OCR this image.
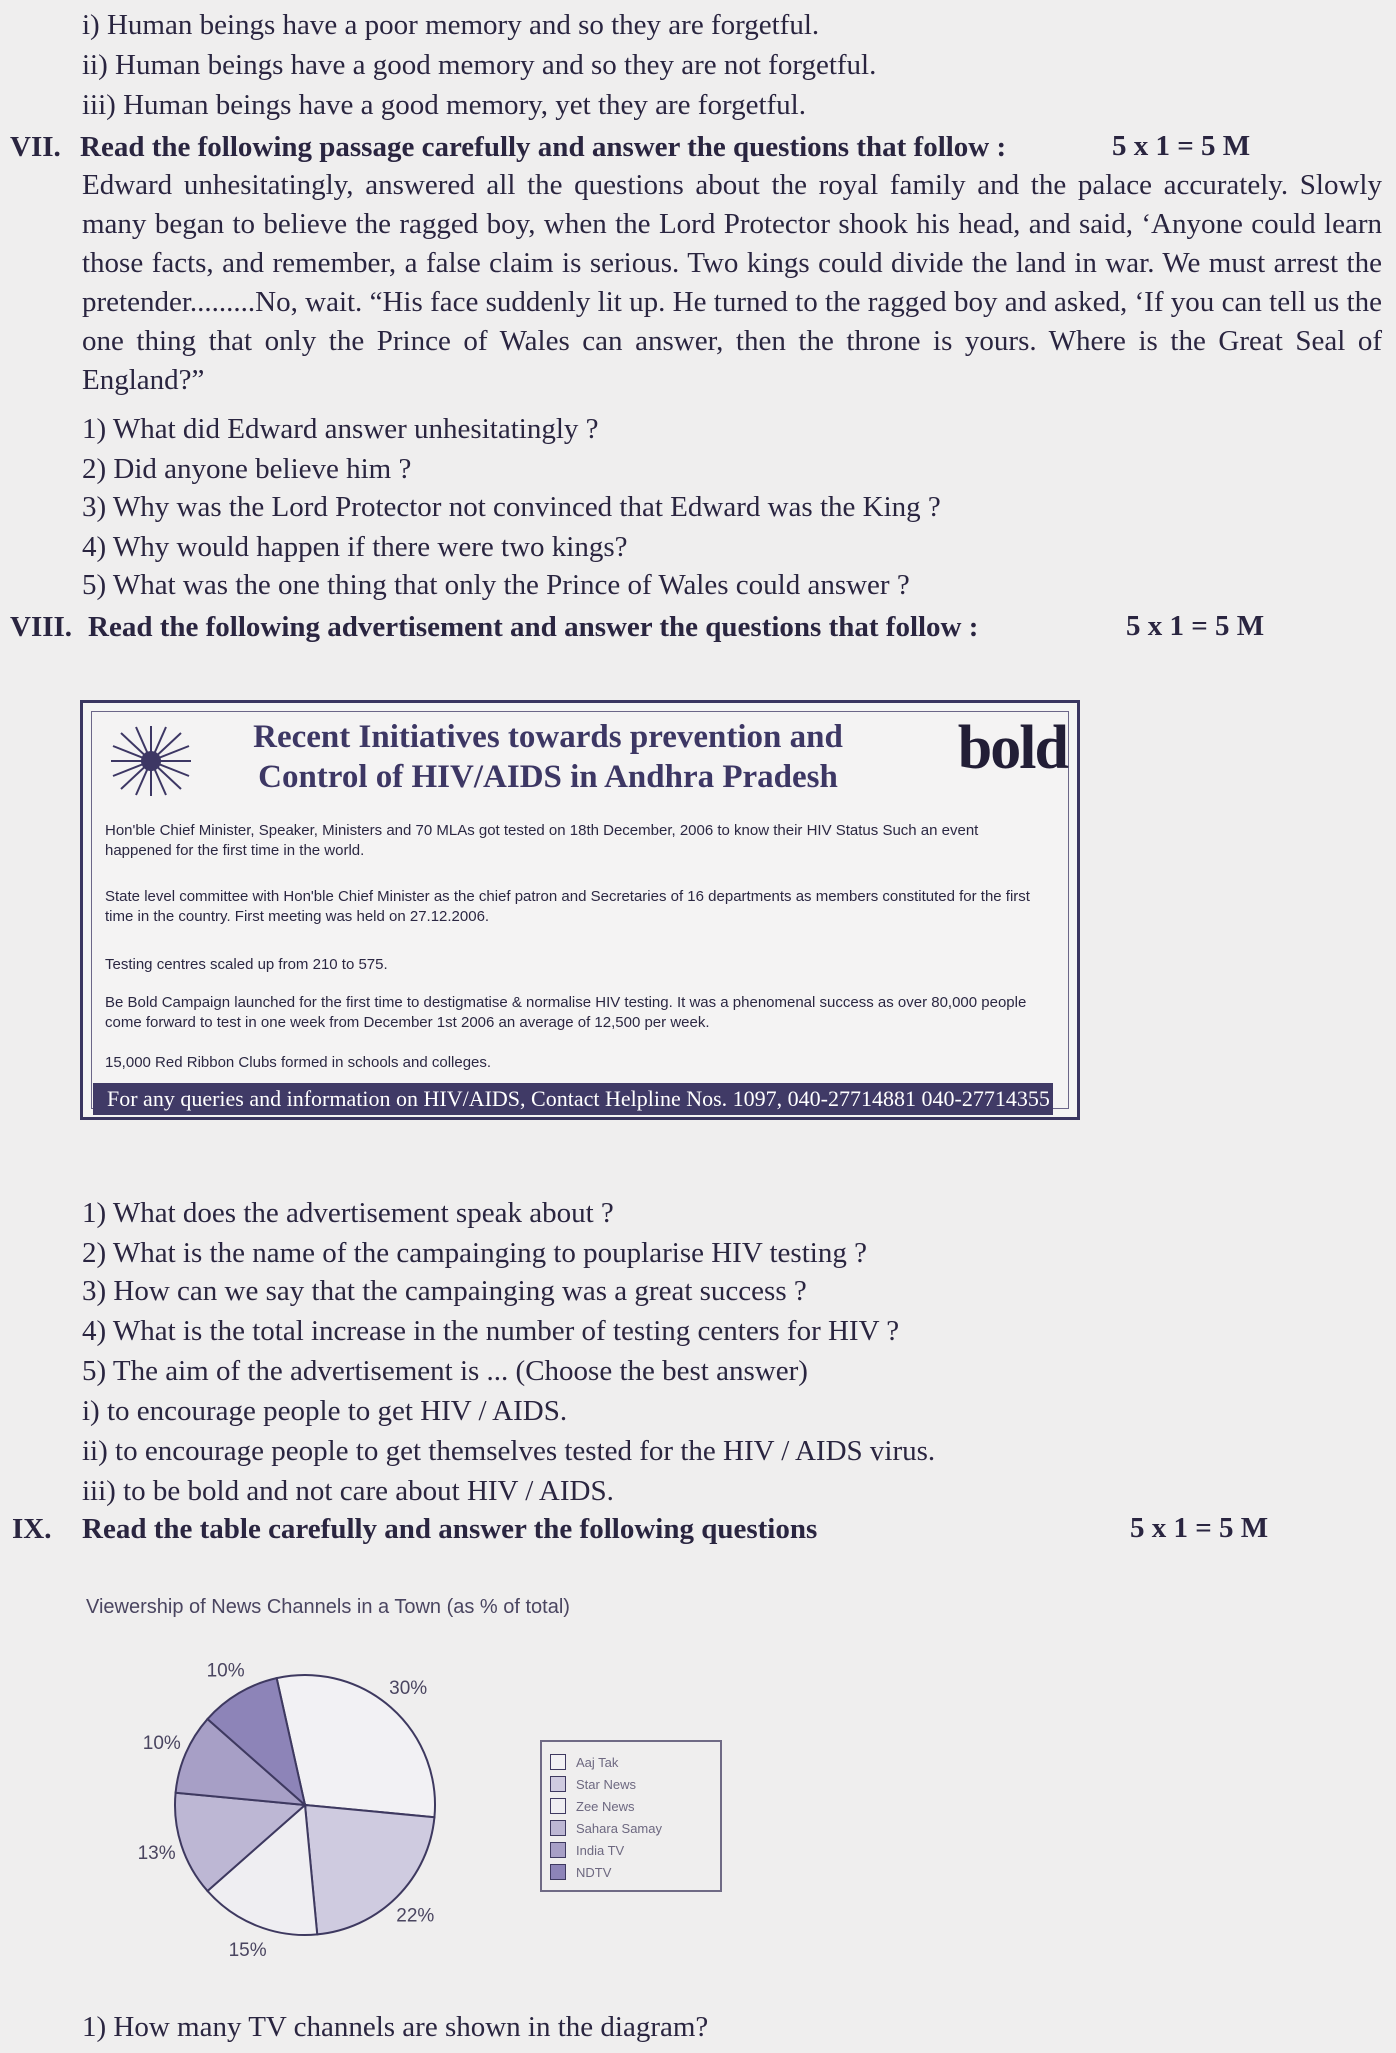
i) Human beings have a poor memory and so they are forgetful.
ii) Human beings have a good memory and so they are not forgetful.
iii) Human beings have a good memory, yet they are forgetful.
VII. Read the following passage carefully and answer the questions that follow :	5 x 1 = 5 M
Edward unhesitatingly, answered all the questions about the royal family and the palace accurately. Slowly many began to believe the ragged boy, when the Lord Protector shook his head, and said, ‘Anyone could learn those facts, and remember, a false claim is serious. Two kings could divide the land in war. We must arrest the pretender.........No, wait. “His face suddenly lit up. He turned to the ragged boy and asked, ‘If you can tell us the one thing that only the Prince of Wales can answer, then the throne is yours. Where is the Great Seal of England?”
1) What did Edward answer unhesitatingly ?
2) Did anyone believe him ?
3) Why was the Lord Protector not convinced that Edward was the King ?
4) Why would happen if there were two kings?
5) What was the one thing that only the Prince of Wales could answer ?
VIII. Read the following advertisement and answer the questions that follow :	5 x 1 = 5 M
Recent Initiatives towards prevention and
Control of HIV/AIDS in Andhra Pradesh	bold
Hon'ble Chief Minister, Speaker, Ministers and 70 MLAs got tested on 18th December, 2006 to know their HIV Status Such an event happened for the first time in the world.
State level committee with Hon'ble Chief Minister as the chief patron and Secretaries of 16 departments as members constituted for the first time in the country. First meeting was held on 27.12.2006.
Testing centres scaled up from 210 to 575.
Be Bold Campaign launched for the first time to destigmatise & normalise HIV testing. It was a phenomenal success as over 80,000 people come forward to test in one week from December 1st 2006 an average of 12,500 per week.
15,000 Red Ribbon Clubs formed in schools and colleges.
For any queries and information on HIV/AIDS, Contact Helpline Nos. 1097, 040-27714881 040-27714355
1) What does the advertisement speak about ?
2) What is the name of the campainging to pouplarise HIV testing ?
3) How can we say that the campainging was a great success ?
4) What is the total increase in the number of testing centers for HIV ?
5) The aim of the advertisement is ... (Choose the best answer)
i) to encourage people to get HIV / AIDS.
ii) to encourage people to get themselves tested for the HIV / AIDS virus.
iii) to be bold and not care about HIV / AIDS.
IX. Read the table carefully and answer the following questions	5 x 1 = 5 M
Viewership of News Channels in a Town (as % of total)
30%
22%
15%
13%
10%
10%
Aaj Tak
Star News
Zee News
Sahara Samay
India TV
NDTV
1) How many TV channels are shown in the diagram?
